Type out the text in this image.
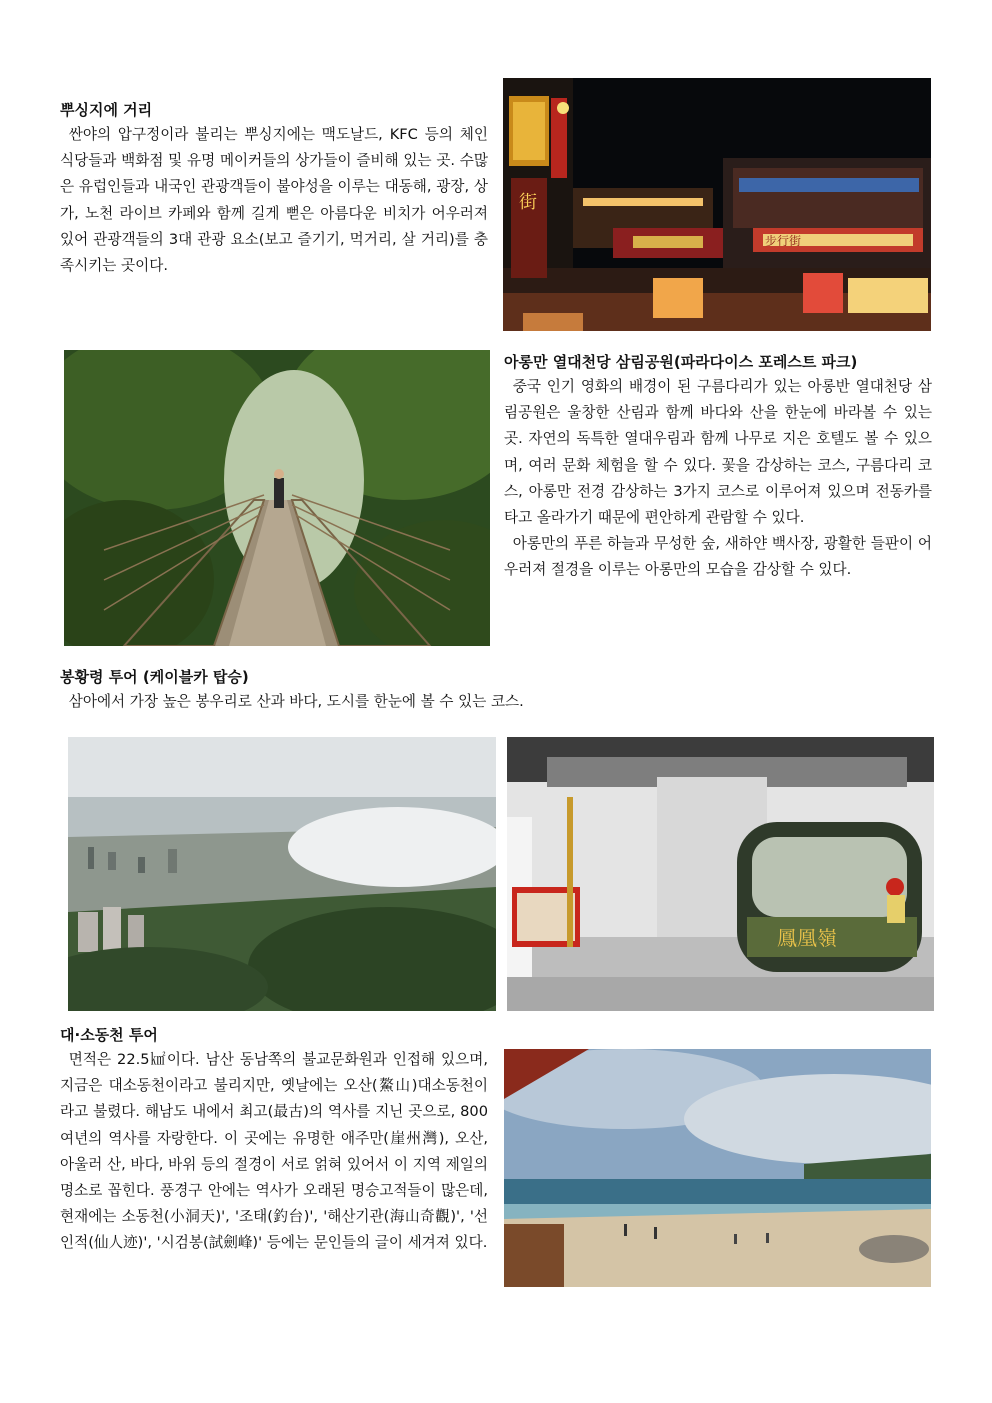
뿌싱지에 거리

싼야의 압구정이라 불리는 뿌싱지에는 맥도날드, KFC 등의 체인 식당들과 백화점 및 유명 메이커들의 상가들이 즐비해 있는 곳. 수많은 유럽인들과 내국인 관광객들이 불야성을 이루는 대동해, 광장, 상가, 노천 라이브 카페와 함께 길게 뻗은 아름다운 비치가 어우러져 있어 관광객들의 3대 관광 요소(보고 즐기기, 먹거리, 살 거리)를 충족시키는 곳이다.

街
步行街

아롱만 열대천당 삼림공원(파라다이스 포레스트 파크)

중국 인기 영화의 배경이 된 구름다리가 있는 아롱반 열대천당 삼림공원은 울창한 산림과 함께 바다와 산을 한눈에 바라볼 수 있는 곳. 자연의 독특한 열대우림과 함께 나무로 지은 호텔도 볼 수 있으며, 여러 문화 체험을 할 수 있다. 꽃을 감상하는 코스, 구름다리 코스, 아롱만 전경 감상하는 3가지 코스로 이루어져 있으며 전동카를 타고 올라가기 때문에 편안하게 관람할 수 있다.

아롱만의 푸른 하늘과 무성한 숲, 새하얀 백사장, 광활한 들판이 어우러져 절경을 이루는 아롱만의 모습을 감상할 수 있다.

봉황령 투어 (케이블카 탑승)

삼아에서 가장 높은 봉우리로 산과 바다, 도시를 한눈에 볼 수 있는 코스.

鳳凰嶺

대·소동천 투어

면적은 22.5㎢이다. 남산 동남쪽의 불교문화원과 인접해 있으며, 지금은 대소동천이라고 불리지만, 옛날에는 오산(鰲山)대소동천이라고 불렸다. 해남도 내에서 최고(最古)의 역사를 지닌 곳으로, 800여년의 역사를 자랑한다. 이 곳에는 유명한 애주만(崖州灣), 오산, 아울러 산, 바다, 바위 등의 절경이 서로 얽혀 있어서 이 지역 제일의 명소로 꼽힌다. 풍경구 안에는 역사가 오래된 명승고적들이 많은데, 현재에는 소동천(小洞天)', '조태(釣台)', '해산기관(海山奇觀)', '선인적(仙人迹)', '시검봉(試劍峰)' 등에는 문인들의 글이 세겨져 있다.
